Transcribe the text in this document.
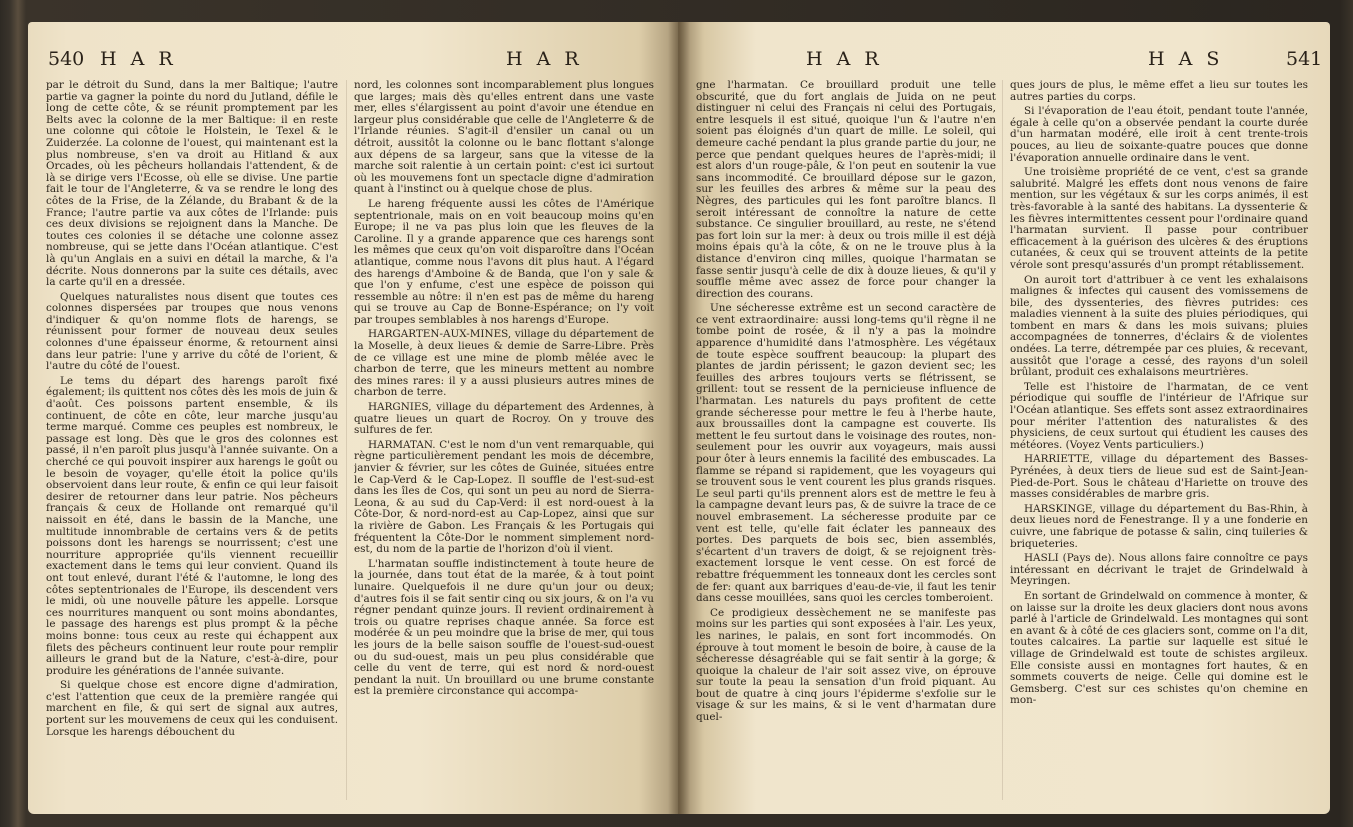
540 H A R	H A R

par le détroit du Sund, dans la mer Baltique; l'autre partie va gagner la pointe du nord du Jutland, défile le long de cette côte, & se réunit promptement par les Belts avec la colonne de la mer Baltique: il en reste une colonne qui côtoie le Holstein, le Texel & le Zuiderzée. La colonne de l'ouest, qui maintenant est la plus nombreuse, s'en va droit au Hitland & aux Orcades, où les pêcheurs hollandais l'attendent, & de là se dirige vers l'Ecosse, où elle se divise. Une partie fait le tour de l'Angleterre, & va se rendre le long des côtes de la Frise, de la Zélande, du Brabant & de la France; l'autre partie va aux côtes de l'Irlande: puis ces deux divisions se rejoignent dans la Manche. De toutes ces colonies il se détache une colonne assez nombreuse, qui se jette dans l'Océan atlantique. C'est là qu'un Anglais en a suivi en détail la marche, & l'a décrite. Nous donnerons par la suite ces détails, avec la carte qu'il en a dressée.

Quelques naturalistes nous disent que toutes ces colonnes dispersées par troupes que nous venons d'indiquer & qu'on nomme flots de harengs, se réunissent pour former de nouveau deux seules colonnes d'une épaisseur énorme, & retournent ainsi dans leur patrie: l'une y arrive du côté de l'orient, & l'autre du côté de l'ouest.

Le tems du départ des harengs paroît fixé également; ils quittent nos côtes dès les mois de juin & d'août. Ces poissons partent ensemble, & ils continuent, de côte en côte, leur marche jusqu'au terme marqué. Comme ces peuples est nombreux, le passage est long. Dès que le gros des colonnes est passé, il n'en paroît plus jusqu'à l'année suivante. On a cherché ce qui pouvoit inspirer aux harengs le goût ou le besoin de voyager, qu'elle étoit la police qu'ils observoient dans leur route, & enfin ce qui leur faisoit desirer de retourner dans leur patrie. Nos pêcheurs français & ceux de Hollande ont remarqué qu'il naissoit en été, dans le bassin de la Manche, une multitude innombrable de certains vers & de petits poissons dont les harengs se nourrissent; c'est une nourriture appropriée qu'ils viennent recueillir exactement dans le tems qui leur convient. Quand ils ont tout enlevé, durant l'été & l'automne, le long des côtes septentrionales de l'Europe, ils descendent vers le midi, où une nouvelle pâture les appelle. Lorsque ces nourritures manquent ou sont moins abondantes, le passage des harengs est plus prompt & la pêche moins bonne: tous ceux au reste qui échappent aux filets des pêcheurs continuent leur route pour remplir ailleurs le grand but de la Nature, c'est-à-dire, pour produire les générations de l'année suivante.

Si quelque chose est encore digne d'admiration, c'est l'attention que ceux de la première rangée qui marchent en file, & qui sert de signal aux autres, portent sur les mouvemens de ceux qui les conduisent. Lorsque les harengs débouchent du

nord, les colonnes sont incomparablement plus longues que larges; mais dès qu'elles entrent dans une vaste mer, elles s'élargissent au point d'avoir une étendue en largeur plus considérable que celle de l'Angleterre & de l'Irlande réunies. S'agit-il d'ensiler un canal ou un détroit, aussitôt la colonne ou le banc flottant s'alonge aux dépens de sa largeur, sans que la vitesse de la marche soit ralentie à un certain point: c'est ici surtout où les mouvemens font un spectacle digne d'admiration quant à l'instinct ou à quelque chose de plus.

Le hareng fréquente aussi les côtes de l'Amérique septentrionale, mais on en voit beaucoup moins qu'en Europe; il ne va pas plus loin que les fleuves de la Caroline. Il y a grande apparence que ces harengs sont les mêmes que ceux qu'on voit disparoître dans l'Océan atlantique, comme nous l'avons dit plus haut. A l'égard des harengs d'Amboine & de Banda, que l'on y sale & que l'on y enfume, c'est une espèce de poisson qui ressemble au nôtre: il n'en est pas de même du hareng qui se trouve au Cap de Bonne-Espérance; on l'y voit par troupes semblables à nos harengs d'Europe.

HARGARTEN-AUX-MINES, village du département de la Moselle, à deux lieues & demie de Sarre-Libre. Près de ce village est une mine de plomb mêlée avec le charbon de terre, que les mineurs mettent au nombre des mines rares: il y a aussi plusieurs autres mines de charbon de terre.

HARGNIES, village du département des Ardennes, à quatre lieues un quart de Rocroy. On y trouve des sulfures de fer.

HARMATAN. C'est le nom d'un vent remarquable, qui règne particulièrement pendant les mois de décembre, janvier & février, sur les côtes de Guinée, situées entre le Cap-Verd & le Cap-Lopez. Il souffle de l'est-sud-est dans les îles de Cos, qui sont un peu au nord de Sierra-Leona, & au sud du Cap-Verd: il est nord-ouest à la Côte-Dor, & nord-nord-est au Cap-Lopez, ainsi que sur la rivière de Gabon. Les Français & les Portugais qui fréquentent la Côte-Dor le nomment simplement nord-est, du nom de la partie de l'horizon d'où il vient.

L'harmatan souffle indistinctement à toute heure de la journée, dans tout état de la marée, & à tout point lunaire. Quelquefois il ne dure qu'un jour ou deux; d'autres fois il se fait sentir cinq ou six jours, & on l'a vu régner pendant quinze jours. Il revient ordinairement à trois ou quatre reprises chaque année. Sa force est modérée & un peu moindre que la brise de mer, qui tous les jours de la belle saison souffle de l'ouest-sud-ouest ou du sud-ouest, mais un peu plus considérable que celle du vent de terre, qui est nord & nord-ouest pendant la nuit. Un brouillard ou une brume constante est la première circonstance qui accompa-

H A R	H A S	541

gne l'harmatan. Ce brouillard produit une telle obscurité, que du fort anglais de Juida on ne peut distinguer ni celui des Français ni celui des Portugais, entre lesquels il est situé, quoique l'un & l'autre n'en soient pas éloignés d'un quart de mille. Le soleil, qui demeure caché pendant la plus grande partie du jour, ne perce que pendant quelques heures de l'après-midi; il est alors d'un rouge-pâle, & l'on peut en soutenir la vue sans incommodité. Ce brouillard dépose sur le gazon, sur les feuilles des arbres & même sur la peau des Nègres, des particules qui les font paroître blancs. Il seroit intéressant de connoître la nature de cette substance. Ce singulier brouillard, au reste, ne s'étend pas fort loin sur la mer: à deux ou trois mille il est déjà moins épais qu'à la côte, & on ne le trouve plus à la distance d'environ cinq milles, quoique l'harmatan se fasse sentir jusqu'à celle de dix à douze lieues, & qu'il y souffle même avec assez de force pour changer la direction des courans.

Une sécheresse extrême est un second caractère de ce vent extraordinaire: aussi long-tems qu'il règne il ne tombe point de rosée, & il n'y a pas la moindre apparence d'humidité dans l'atmosphère. Les végétaux de toute espèce souffrent beaucoup: la plupart des plantes de jardin périssent; le gazon devient sec; les feuilles des arbres toujours verts se flétrissent, se grillent: tout se ressent de la pernicieuse influence de l'harmatan. Les naturels du pays profitent de cette grande sécheresse pour mettre le feu à l'herbe haute, aux broussailles dont la campagne est couverte. Ils mettent le feu surtout dans le voisinage des routes, non-seulement pour les ouvrir aux voyageurs, mais aussi pour ôter à leurs ennemis la facilité des embuscades. La flamme se répand si rapidement, que les voyageurs qui se trouvent sous le vent courent les plus grands risques. Le seul parti qu'ils prennent alors est de mettre le feu à la campagne devant leurs pas, & de suivre la trace de ce nouvel embrasement. La sécheresse produite par ce vent est telle, qu'elle fait éclater les panneaux des portes. Des parquets de bois sec, bien assemblés, s'écartent d'un travers de doigt, & se rejoignent très-exactement lorsque le vent cesse. On est forcé de rebattre fréquemment les tonneaux dont les cercles sont de fer: quant aux barriques d'eau-de-vie, il faut les tenir dans cesse mouillées, sans quoi les cercles tomberoient.

Ce prodigieux dessèchement ne se manifeste pas moins sur les parties qui sont exposées à l'air. Les yeux, les narines, le palais, en sont fort incommodés. On éprouve à tout moment le besoin de boire, à cause de la sécheresse désagréable qui se fait sentir à la gorge; & quoique la chaleur de l'air soit assez vive, on éprouve sur toute la peau la sensation d'un froid piquant. Au bout de quatre à cinq jours l'épiderme s'exfolie sur le visage & sur les mains, & si le vent d'harmatan dure quel-

ques jours de plus, le même effet a lieu sur toutes les autres parties du corps.

Si l'évaporation de l'eau étoit, pendant toute l'année, égale à celle qu'on a observée pendant la courte durée d'un harmatan modéré, elle iroit à cent trente-trois pouces, au lieu de soixante-quatre pouces que donne l'évaporation annuelle ordinaire dans le vent.

Une troisième propriété de ce vent, c'est sa grande salubrité. Malgré les effets dont nous venons de faire mention, sur les végétaux & sur les corps animés, il est très-favorable à la santé des habitans. La dyssenterie & les fièvres intermittentes cessent pour l'ordinaire quand l'harmatan survient. Il passe pour contribuer efficacement à la guérison des ulcères & des éruptions cutanées, & ceux qui se trouvent atteints de la petite vérole sont presqu'assurés d'un prompt rétablissement.

On auroit tort d'attribuer à ce vent les exhalaisons malignes & infectes qui causent des vomissemens de bile, des dyssenteries, des fièvres putrides: ces maladies viennent à la suite des pluies périodiques, qui tombent en mars & dans les mois suivans; pluies accompagnées de tonnerres, d'éclairs & de violentes ondées. La terre, détrempée par ces pluies, & recevant, aussitôt que l'orage a cessé, des rayons d'un soleil brûlant, produit ces exhalaisons meurtrières.

Telle est l'histoire de l'harmatan, de ce vent périodique qui souffle de l'intérieur de l'Afrique sur l'Océan atlantique. Ses effets sont assez extraordinaires pour mériter l'attention des naturalistes & des physiciens, de ceux surtout qui étudient les causes des météores. (Voyez Vents particuliers.)

HARRIETTE, village du département des Basses-Pyrénées, à deux tiers de lieue sud est de Saint-Jean-Pied-de-Port. Sous le château d'Hariette on trouve des masses considérables de marbre gris.

HARSKINGE, village du département du Bas-Rhin, à deux lieues nord de Fenestrange. Il y a une fonderie en cuivre, une fabrique de potasse & salin, cinq tuileries & briqueteries.

HASLI (Pays de). Nous allons faire connoître ce pays intéressant en décrivant le trajet de Grindelwald à Meyringen.

En sortant de Grindelwald on commence à monter, & on laisse sur la droite les deux glaciers dont nous avons parlé à l'article de Grindelwald. Les montagnes qui sont en avant & à côté de ces glaciers sont, comme on l'a dit, toutes calcaires. La partie sur laquelle est situé le village de Grindelwald est toute de schistes argileux. Elle consiste aussi en montagnes fort hautes, & en sommets couverts de neige. Celle qui domine est le Gemsberg. C'est sur ces schistes qu'on chemine en mon-
